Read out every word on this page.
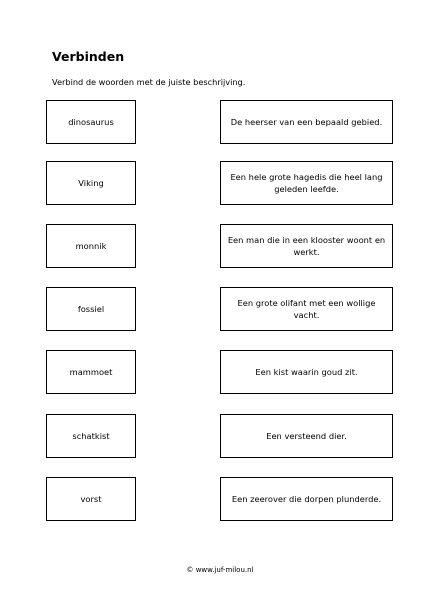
Verbinden
Verbind de woorden met de juiste beschrijving.
dinosaurus
Viking
monnik
fossiel
mammoet
schatkist
vorst
De heerser van een bepaald gebied.
Een hele grote hagedis die heel lang geleden leefde.
Een man die in een klooster woont en werkt.
Een grote olifant met een wollige vacht.
Een kist waarin goud zit.
Een versteend dier.
Een zeerover die dorpen plunderde.
© www.juf-milou.nl
